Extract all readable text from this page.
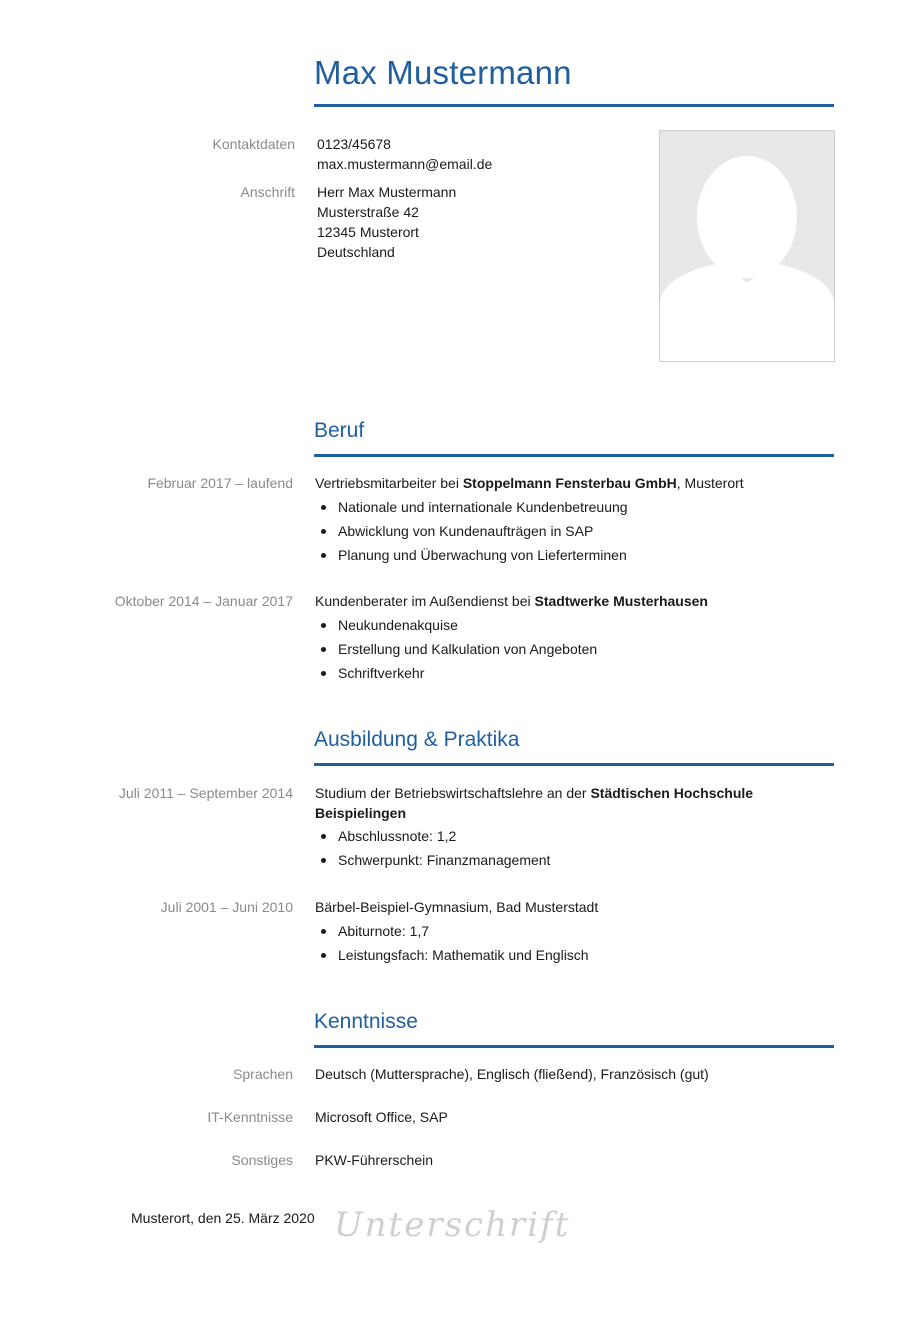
Max Mustermann
Kontaktdaten 0123/45678
max.mustermann@email.de
Anschrift Herr Max Mustermann
Musterstraße 42
12345 Musterort
Deutschland
Beruf
Februar 2017 – laufend Vertriebsmitarbeiter bei Stoppelmann Fensterbau GmbH, Musterort
Nationale und internationale Kundenbetreuung
Abwicklung von Kundenaufträgen in SAP
Planung und Überwachung von Lieferterminen
Oktober 2014 – Januar 2017 Kundenberater im Außendienst bei Stadtwerke Musterhausen
Neukundenakquise
Erstellung und Kalkulation von Angeboten
Schriftverkehr
Ausbildung & Praktika
Juli 2011 – September 2014 Studium der Betriebswirtschaftslehre an der Städtischen Hochschule Beispielingen
Abschlussnote: 1,2
Schwerpunkt: Finanzmanagement
Juli 2001 – Juni 2010 Bärbel-Beispiel-Gymnasium, Bad Musterstadt
Abiturnote: 1,7
Leistungsfach: Mathematik und Englisch
Kenntnisse
Sprachen Deutsch (Muttersprache), Englisch (fließend), Französisch (gut)
IT-Kenntnisse Microsoft Office, SAP
Sonstiges PKW-Führerschein
Musterort, den 25. März 2020 Unterschrift
